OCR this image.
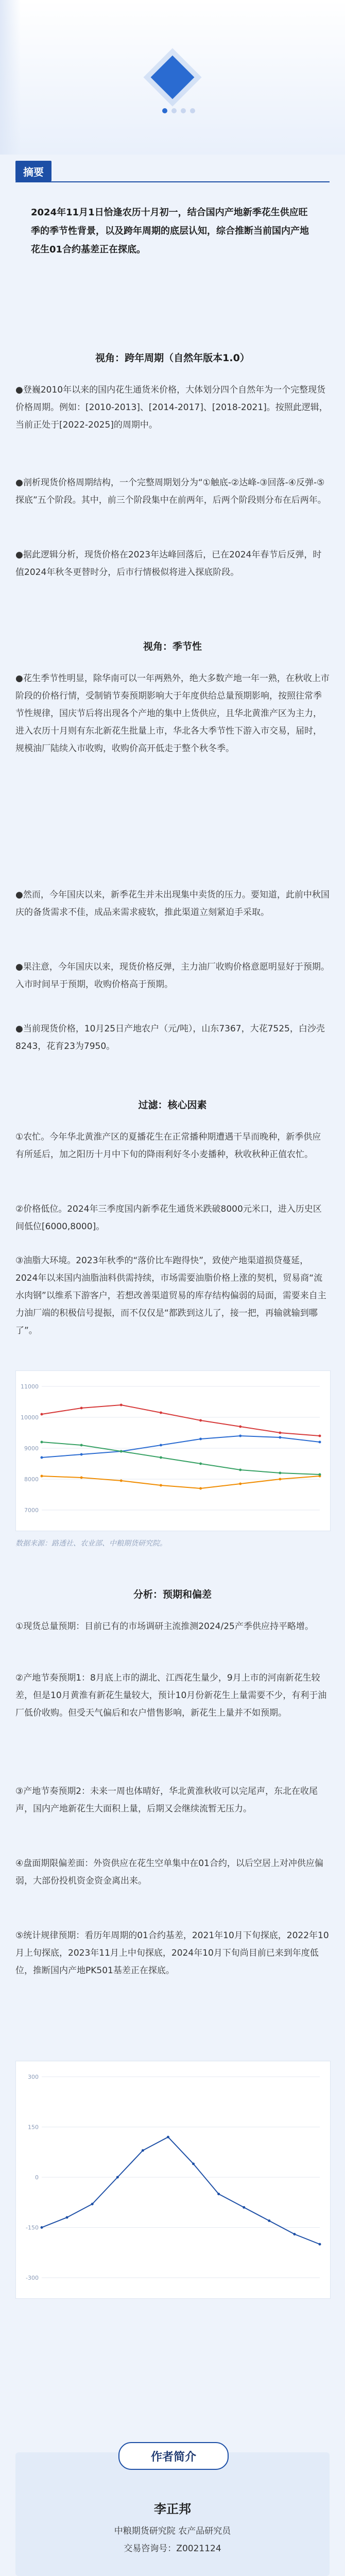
摘要
2024年11月1日恰逢农历十月初一，结合国内产地新季花生供应旺季的季节性背景，以及跨年周期的底层认知，综合推断当前国内产地花生01合约基差正在探底。
视角：跨年周期（自然年版本1.0）
●登巍2010年以来的国内花生通货米价格，大体划分四个自然年为一个完整现货价格周期。例如：[2010-2013]、[2014-2017]、[2018-2021]。按照此逻辑，当前正处于[2022-2025]的周期中。
●剖析现货价格周期结构，一个完整周期划分为“①触底-②达峰-③回落-④反弹-⑤探底”五个阶段。其中，前三个阶段集中在前两年，后两个阶段则分布在后两年。
●据此逻辑分析，现货价格在2023年达峰回落后，已在2024年春节后反弹，时值2024年秋冬更替时分，后市行情极似将进入探底阶段。
视角：季节性
●花生季节性明显，除华南可以一年两熟外，绝大多数产地一年一熟，在秋收上市阶段的价格行情，受制销节奏预期影响大于年度供给总量预期影响，按照往常季节性规律，国庆节后将出现各个产地的集中上货供应，且华北黄淮产区为主力，进入农历十月则有东北新花生批量上市，华北各大季节性下游入市交易，届时，规模油厂陆续入市收购，收购价高开低走于整个秋冬季。
●然而，今年国庆以来，新季花生并未出现集中卖货的压力。要知道，此前中秋国庆的备货需求不佳，成品来需求疲软，推此渠道立刻紧迫手采取。
●果注意，今年国庆以来，现货价格反弹，主力油厂收购价格意愿明显好于预期。入市时间早于预期，收购价格高于预期。
●当前现货价格，10月25日产地农户（元/吨），山东7367，大花7525，白沙壳8243，花育23为7950。
过滤：核心因素
①农忙。今年华北黄淮产区的夏播花生在正常播种期遭遇干旱而晚种，新季供应有所延后，加之阳历十月中下旬的降雨利好冬小麦播种，秋收秋种正值农忙。
②价格低位。2024年三季度国内新季花生通货米跌破8000元米口，进入历史区间低位[6000,8000]。
③油脂大环境。2023年秋季的“落价比车跑得快”，致使产地渠道损贷蔓延，2024年以来国内油脂油料供需持续，市场需要油脂价格上涨的契机，贸易商“流水肉钢”以维系下游客户，若想改善渠道贸易的库存结构偏弱的局面，需要来自主力油厂端的积极信号提振，而不仅仅是“都跌到这儿了，接一把，再输就输到哪了”。
7000
8000
9000
10000
11000
数据来源：路透社、农业部、中粮期货研究院。
分析：预期和偏差
①现货总量预期：目前已有的市场调研主流推测2024/25产季供应持平略增。
②产地节奏预期1：8月底上市的湖北、江西花生量少，9月上市的河南新花生较差，但是10月黄淮有新花生量较大，预计10月份新花生上量需要不少，有利于油厂低价收购。但受天气偏后和农户惜售影响，新花生上量并不如预期。
③产地节奏预期2：未来一周也体晴好，华北黄淮秋收可以完尾声，东北在收尾声，国内产地新花生大面积上量，后期又会继续流暂无压力。
④盘面期限偏差面：外资供应在花生空单集中在01合约，以后空居上对冲供应偏弱，大部份投机资金资金离出来。
⑤统计规律预期：看历年周期的01合约基差，2021年10月下旬探底，2022年10月上旬探底，2023年11月上中旬探底，2024年10月下旬尚目前已来到年度低位，推断国内产地PK501基差正在探底。
-300
-150
0
150
300
李正邦
中粮期货研究院 农产品研究员
交易咨询号：Z0021124
作者简介
